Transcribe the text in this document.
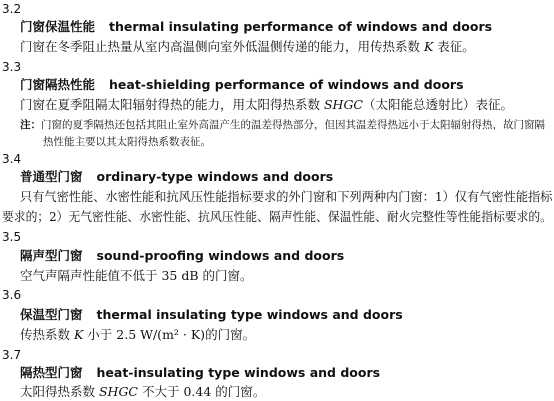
3.2
门窗保温性能 thermal insulating performance of windows and doors
门窗在冬季阻止热量从室内高温侧向室外低温侧传递的能力，用传热系数 K 表征。
3.3
门窗隔热性能 heat-shielding performance of windows and doors
门窗在夏季阻隔太阳辐射得热的能力，用太阳得热系数 SHGC（太阳能总透射比）表征。
注：门窗的夏季隔热还包括其阻止室外高温产生的温差得热部分，但因其温差得热远小于太阳辐射得热，故门窗隔
热性能主要以其太阳得热系数表征。
3.4
普通型门窗 ordinary-type windows and doors
只有气密性能、水密性能和抗风压性能指标要求的外门窗和下列两种内门窗：1）仅有气密性能指标
要求的；2）无气密性能、水密性能、抗风压性能、隔声性能、保温性能、耐火完整性等性能指标要求的。
3.5
隔声型门窗 sound-proofing windows and doors
空气声隔声性能值不低于 35 dB 的门窗。
3.6
保温型门窗 thermal insulating type windows and doors
传热系数 K 小于 2.5 W/(m² · K)的门窗。
3.7
隔热型门窗 heat-insulating type windows and doors
太阳得热系数 SHGC 不大于 0.44 的门窗。
